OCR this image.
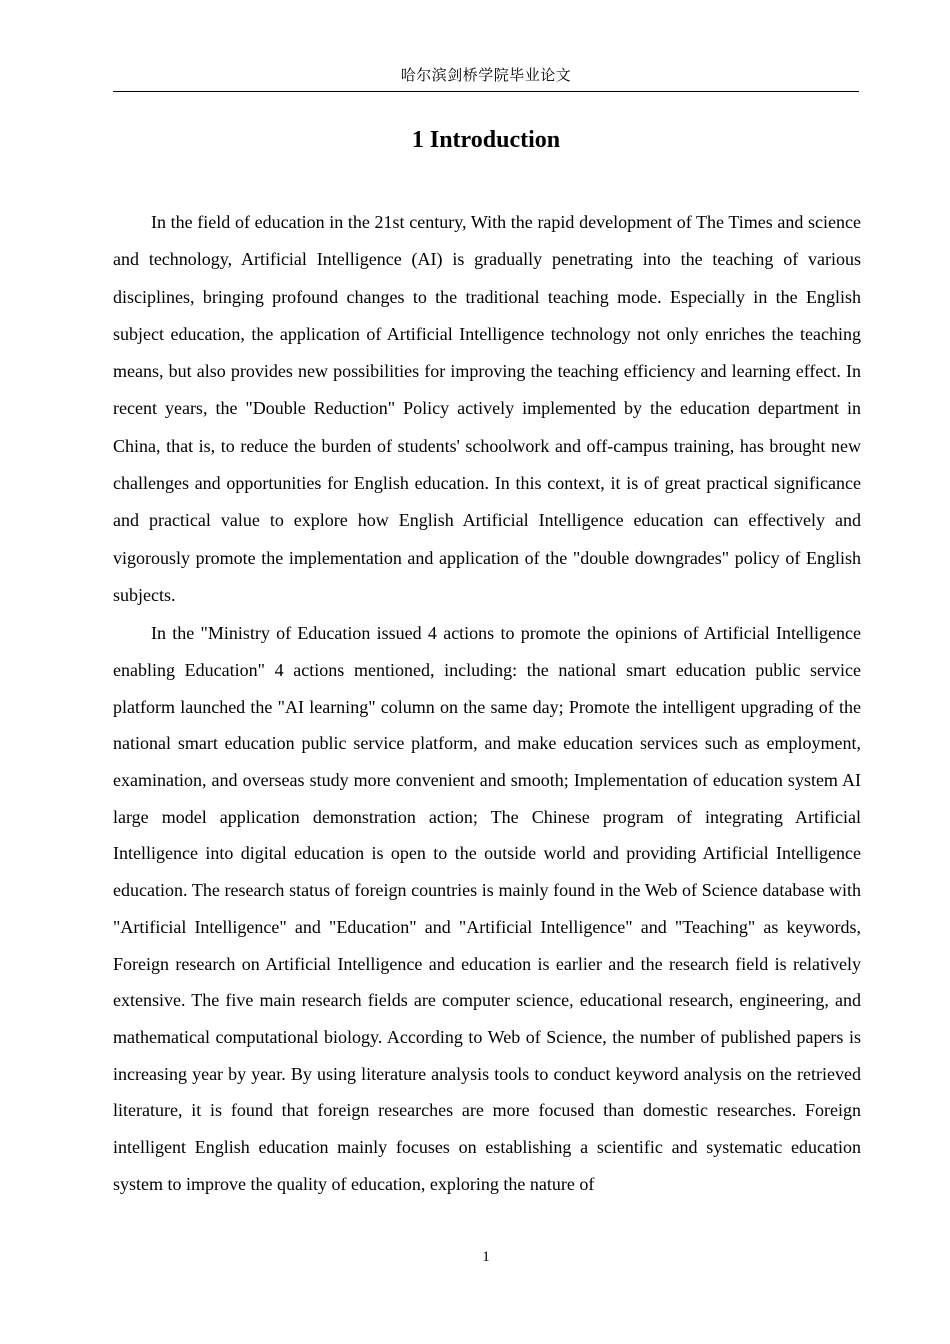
哈尔滨剑桥学院毕业论文
1 Introduction

In the field of education in the 21st century, With the rapid development of The Times and science and technology, Artificial Intelligence (AI) is gradually penetrating into the teaching of various disciplines, bringing profound changes to the traditional teaching mode. Especially in the English subject education, the application of Artificial Intelligence technology not only enriches the teaching means, but also provides new possibilities for improving the teaching efficiency and learning effect. In recent years, the "Double Reduction" Policy actively implemented by the education department in China, that is, to reduce the burden of students' schoolwork and off-campus training, has brought new challenges and opportunities for English education. In this context, it is of great practical significance and practical value to explore how English Artificial Intelligence education can effectively and vigorously promote the implementation and application of the "double downgrades" policy of English subjects.

In the "Ministry of Education issued 4 actions to promote the opinions of Artificial Intelligence enabling Education" 4 actions mentioned, including: the national smart education public service platform launched the "AI learning" column on the same day; Promote the intelligent upgrading of the national smart education public service platform, and make education services such as employment, examination, and overseas study more convenient and smooth; Implementation of education system AI large model application demonstration action; The Chinese program of integrating Artificial Intelligence into digital education is open to the outside world and providing Artificial Intelligence education. The research status of foreign countries is mainly found in the Web of Science database with "Artificial Intelligence" and "Education" and "Artificial Intelligence" and "Teaching" as keywords, Foreign research on Artificial Intelligence and education is earlier and the research field is relatively extensive. The five main research fields are computer science, educational research, engineering, and mathematical computational biology. According to Web of Science, the number of published papers is increasing year by year. By using literature analysis tools to conduct keyword analysis on the retrieved literature, it is found that foreign researches are more focused than domestic researches. Foreign intelligent English education mainly focuses on establishing a scientific and systematic education system to improve the quality of education, exploring the nature of

1
